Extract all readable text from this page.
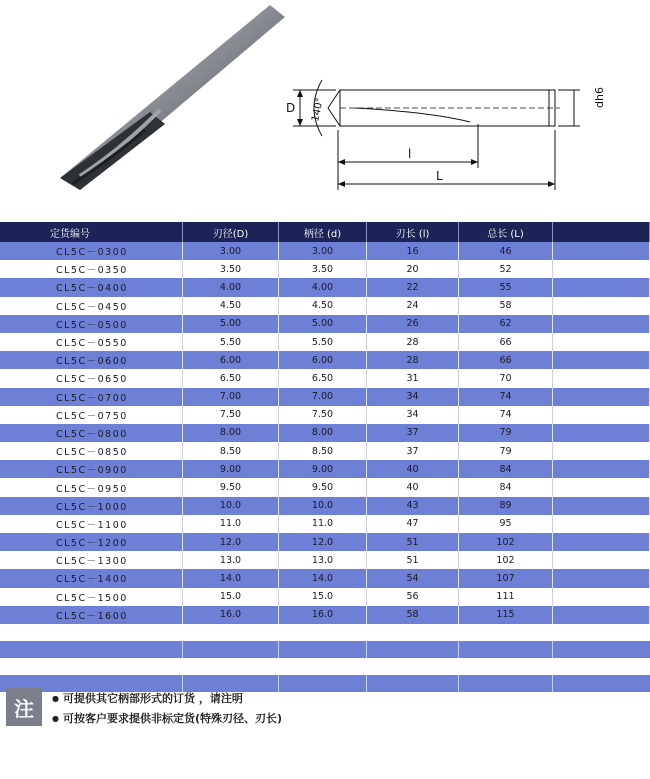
D 140°	dh6
l
L
定货编号	刃径(D)	柄径 (d)	刃长 (l)	总长 (L)
CL5C－0300	3.00	3.00	16	46
CL5C－0350	3.50	3.50	20	52
CL5C－0400	4.00	4.00	22	55
CL5C－0450	4.50	4.50	24	58
CL5C－0500	5.00	5.00	26	62
CL5C－0550	5.50	5.50	28	66
CL5C－0600	6.00	6.00	28	66
CL5C－0650	6.50	6.50	31	70
CL5C－0700	7.00	7.00	34	74
CL5C－0750	7.50	7.50	34	74
CL5C－0800	8.00	8.00	37	79
CL5C－0850	8.50	8.50	37	79
CL5C－0900	9.00	9.00	40	84
CL5C－0950	9.50	9.50	40	84
CL5C－1000	10.0	10.0	43	89
CL5C－1100	11.0	11.0	47	95
CL5C－1200	12.0	12.0	51	102
CL5C－1300	13.0	13.0	51	102
CL5C－1400	14.0	14.0	54	107
CL5C－1500	15.0	15.0	56	111
CL5C－1600	16.0	16.0	58	115
注	● 可提供其它柄部形式的订货 ，请注明
● 可按客户要求提供非标定货(特殊刃径、刃长)
